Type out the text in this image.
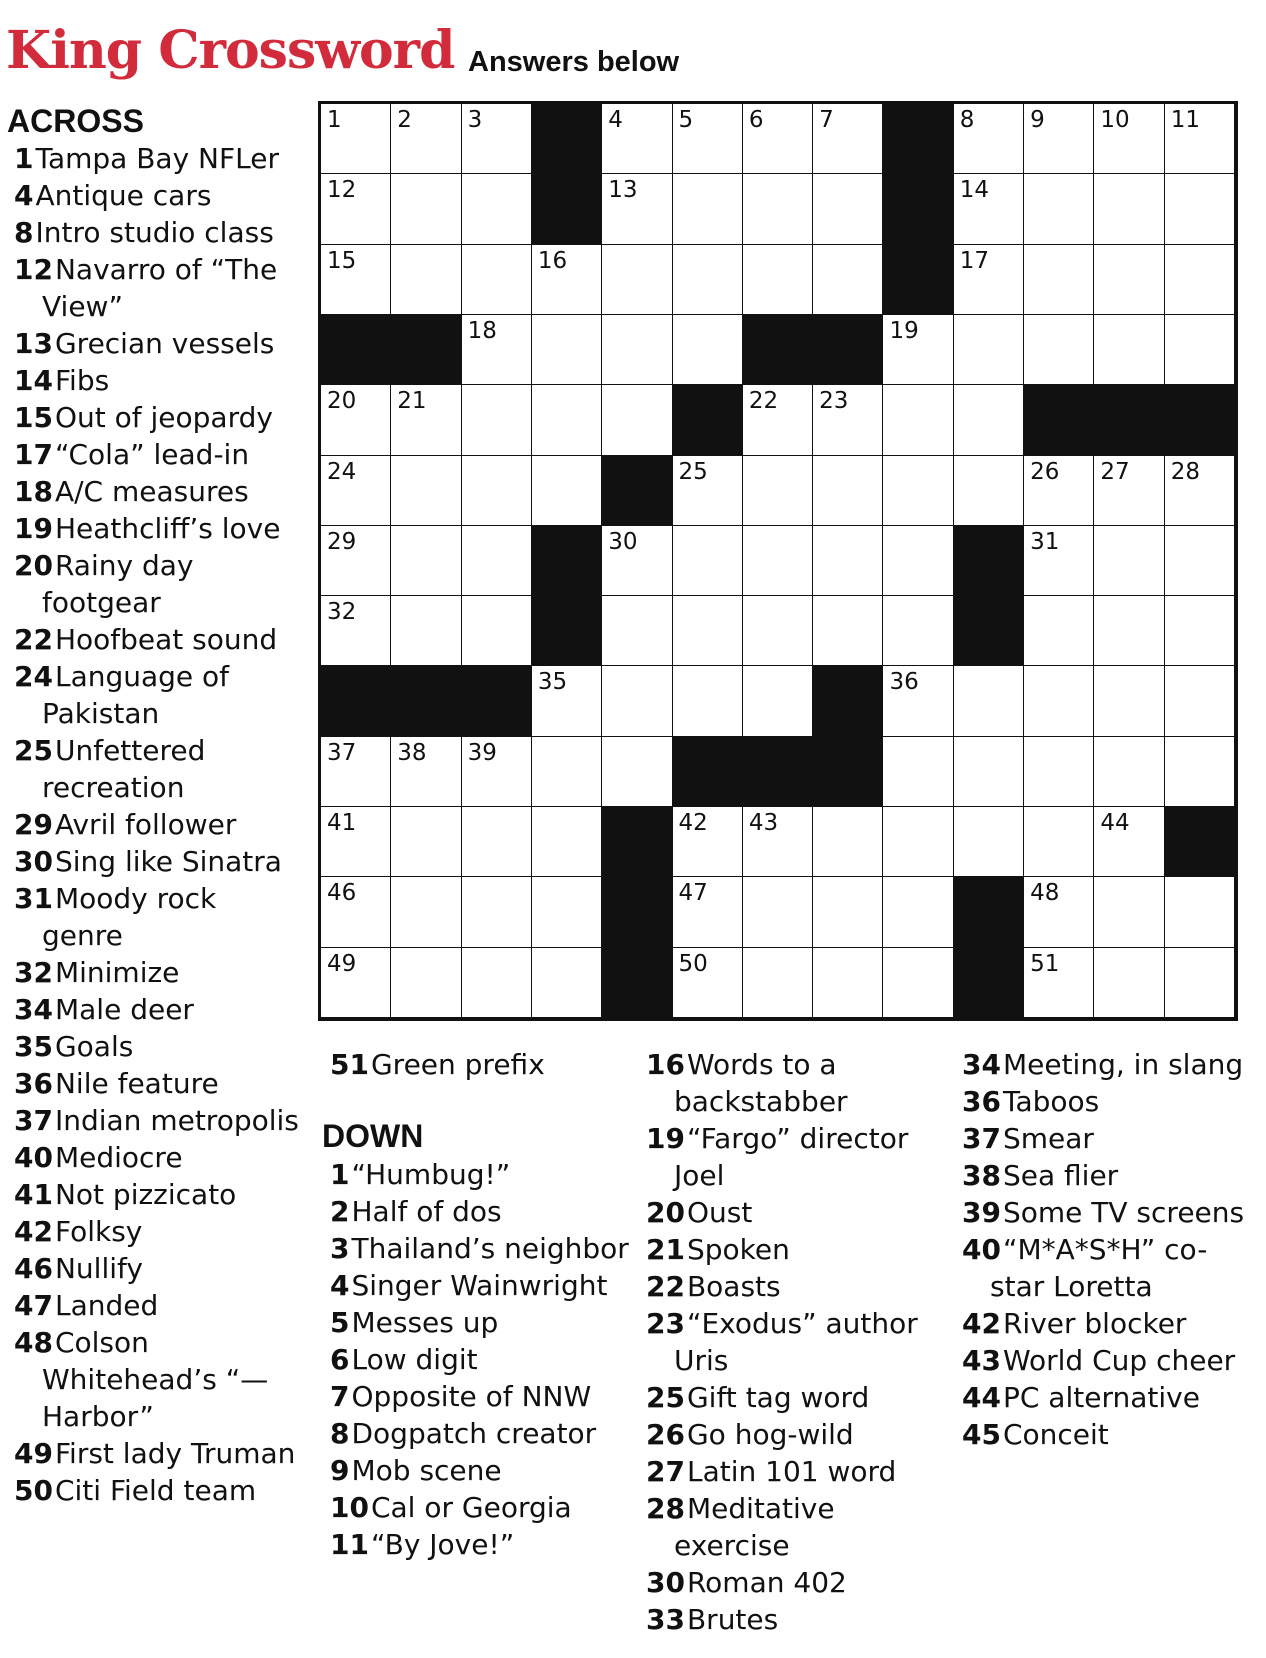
King Crossword Answers below
1 2 3	4 5 6 7	8 9 10 11
12	13	14
15	16	17
18	19
20 21	22 23
24	25	26 27 28
29	30	31
32
35	36
37 38 39
41	42 43	44
46	47	48
49	50	51
ACROSS
1Tampa Bay NFLer
4Antique cars
8Intro studio class
12Navarro of “The View”
13Grecian vessels
14Fibs
15Out of jeopardy
17“Cola” lead-in
18A/C measures
19Heathcliff’s love
20Rainy day footgear
22Hoofbeat sound
24Language of Pakistan
25Unfettered recreation
29Avril follower
30Sing like Sinatra
31Moody rock genre
32Minimize
34Male deer
35Goals
36Nile feature
37Indian metropolis
40Mediocre
41Not pizzicato
42Folksy
46Nullify
47Landed
48Colson Whitehead’s “— Harbor”
49First lady Truman
50Citi Field team
51Green prefix
DOWN
1“Humbug!”
2Half of dos
3Thailand’s neighbor
4Singer Wainwright
5Messes up
6Low digit
7Opposite of NNW
8Dogpatch creator
9Mob scene
10Cal or Georgia
11“By Jove!”
16Words to a backstabber
19“Fargo” director Joel
20Oust
21Spoken
22Boasts
23“Exodus” author Uris
25Gift tag word
26Go hog-wild
27Latin 101 word
28Meditative exercise
30Roman 402
33Brutes
34Meeting, in slang
36Taboos
37Smear
38Sea flier
39Some TV screens
40“M*A*S*H” co-star Loretta
42River blocker
43World Cup cheer
44PC alternative
45Conceit
